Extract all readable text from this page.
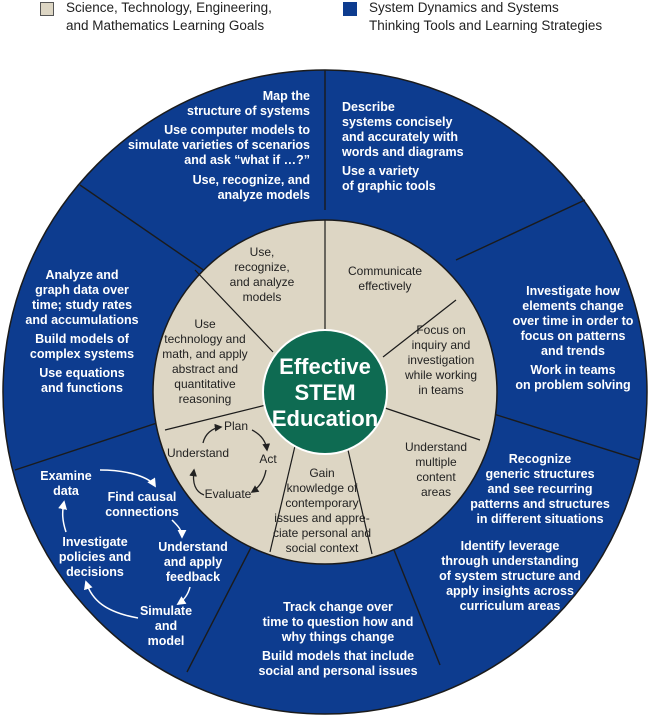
Science, Technology, Engineering,
and Mathematics Learning Goals
System Dynamics and Systems
Thinking Tools and Learning Strategies
Effective
STEM
Education
Map the
structure of systems
Use computer models to
simulate varieties of scenarios
and ask “what if …?”
Use, recognize, and
analyze models
Describe
systems concisely
and accurately with
words and diagrams
Use a variety
of graphic tools
Investigate how
elements change
over time in order to
focus on patterns
and trends
Work in teams
on problem solving
Recognize
generic structures
and see recurring
patterns and structures
in different situations
Identify leverage
through understanding
of system structure and
apply insights across
curriculum areas
Track change over
time to question how and
why things change
Build models that include
social and personal issues
Examine
data Find causal
connections
Understand
and apply
feedback
Simulate
and
model
Investigate
policies and
decisions
Analyze and
graph data over
time; study rates
and accumulations
Build models of
complex systems
Use equations
and functions
Use,
recognize,
and analyze
models
Communicate
effectively
Focus on
inquiry and
investigation
while working
in teams
Understand
multiple
content
areas
Gain
knowledge of
contemporary
issues and appre-
ciate personal and
social context
Plan
Act
Evaluate
Understand
Use
technology and
math, and apply
abstract and
quantitative
reasoning
